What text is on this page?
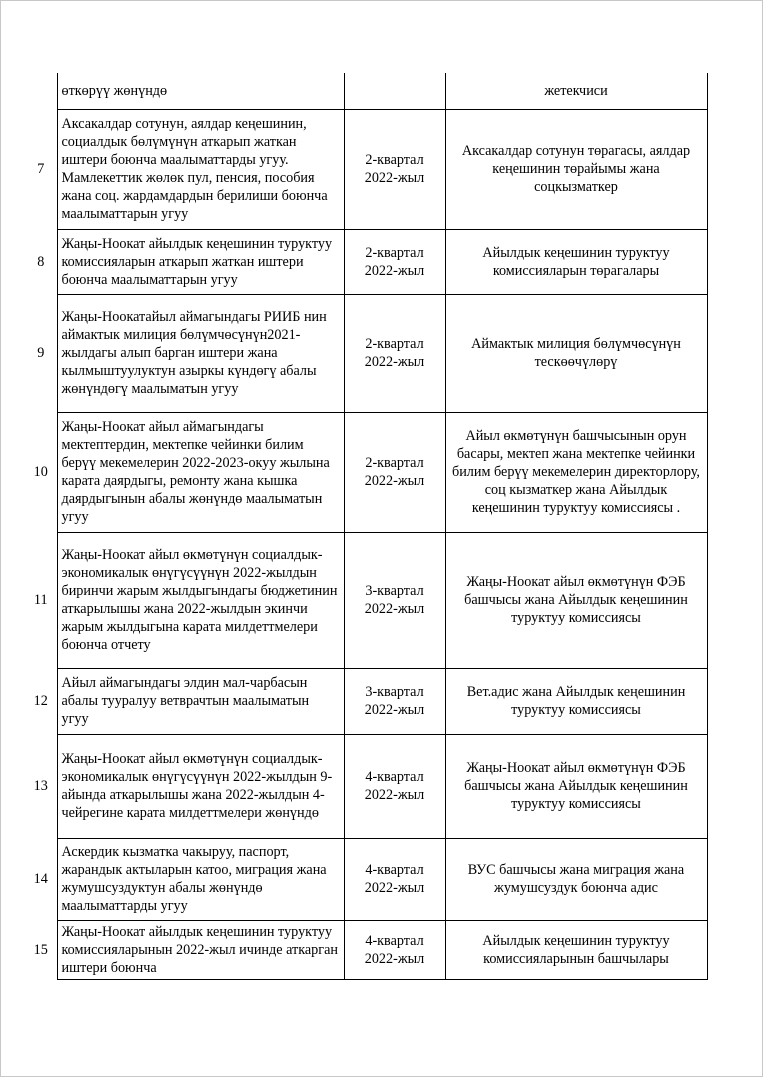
	өткөрүү жөнүндө		жетекчиси
7	Аксакалдар сотунун, аялдар кеңешинин, социалдык бөлүмүнүн аткарып жаткан иштери боюнча маалыматтарды угуу. Мамлекеттик жөлөк пул, пенсия, пособия жана соц. жардамдардын берилиши боюнча маалыматтарын угуу	2-квартал
2022-жыл	Аксакалдар сотунун төрагасы, аялдар кеңешинин төрайымы жана соцкызматкер
8	Жаңы-Ноокат айылдык кеңешинин туруктуу комиссияларын аткарып жаткан иштери боюнча маалыматтарын угуу	2-квартал
2022-жыл	Айылдык кеңешинин туруктуу комиссияларын төрагалары
9	Жаңы-Ноокатайыл аймагындагы РИИБ нин аймактык милиция бөлүмчөсүнүн2021-жылдагы алып барган иштери жана кылмыштуулуктун азыркы күндөгү абалы жөнүндөгү маалыматын угуу	2-квартал
2022-жыл	Аймактык милиция бөлүмчөсүнүн тескөөчүлөрү
10	Жаңы-Ноокат айыл аймагындагы мектептердин, мектепке чейинки билим берүү мекемелерин 2022-2023-окуу жылына карата даярдыгы, ремонту жана кышка даярдыгынын абалы жөнүндө маалыматын угуу	2-квартал
2022-жыл	Айыл өкмөтүнүн башчысынын орун басары, мектеп жана мектепке чейинки билим берүү мекемелерин директорлору, соц кызматкер жана Айылдык кеңешинин туруктуу комиссиясы .
11	Жаңы-Ноокат айыл өкмөтүнүн социалдык-экономикалык өнүгүсүүнүн 2022-жылдын биринчи жарым жылдыгындагы бюджетинин аткарылышы жана 2022-жылдын экинчи жарым жылдыгына карата милдеттмелери боюнча отчету	3-квартал
2022-жыл	Жаңы-Ноокат айыл өкмөтүнүн ФЭБ башчысы жана Айылдык кеңешинин туруктуу комиссиясы
12	Айыл аймагындагы элдин мал-чарбасын абалы тууралуу ветврачтын маалыматын угуу	3-квартал
2022-жыл	Вет.адис жана Айылдык кеңешинин туруктуу комиссиясы
13	Жаңы-Ноокат айыл өкмөтүнүн социалдык-экономикалык өнүгүсүүнүн 2022-жылдын 9-айында аткарылышы жана 2022-жылдын 4-чейрегине карата милдеттмелери жөнүндө	4-квартал
2022-жыл	Жаңы-Ноокат айыл өкмөтүнүн ФЭБ башчысы жана Айылдык кеңешинин туруктуу комиссиясы
14	Аскердик кызматка чакыруу, паспорт, жарандык актыларын катоо, миграция жана жумушсуздуктун абалы жөнүндө маалыматтарды угуу	4-квартал
2022-жыл	ВУС башчысы жана миграция жана жумушсуздук боюнча адис
15	Жаңы-Ноокат айылдык кеңешинин туруктуу комиссияларынын 2022-жыл ичинде аткарган иштери боюнча	4-квартал
2022-жыл	Айылдык кеңешинин туруктуу комиссияларынын башчылары
